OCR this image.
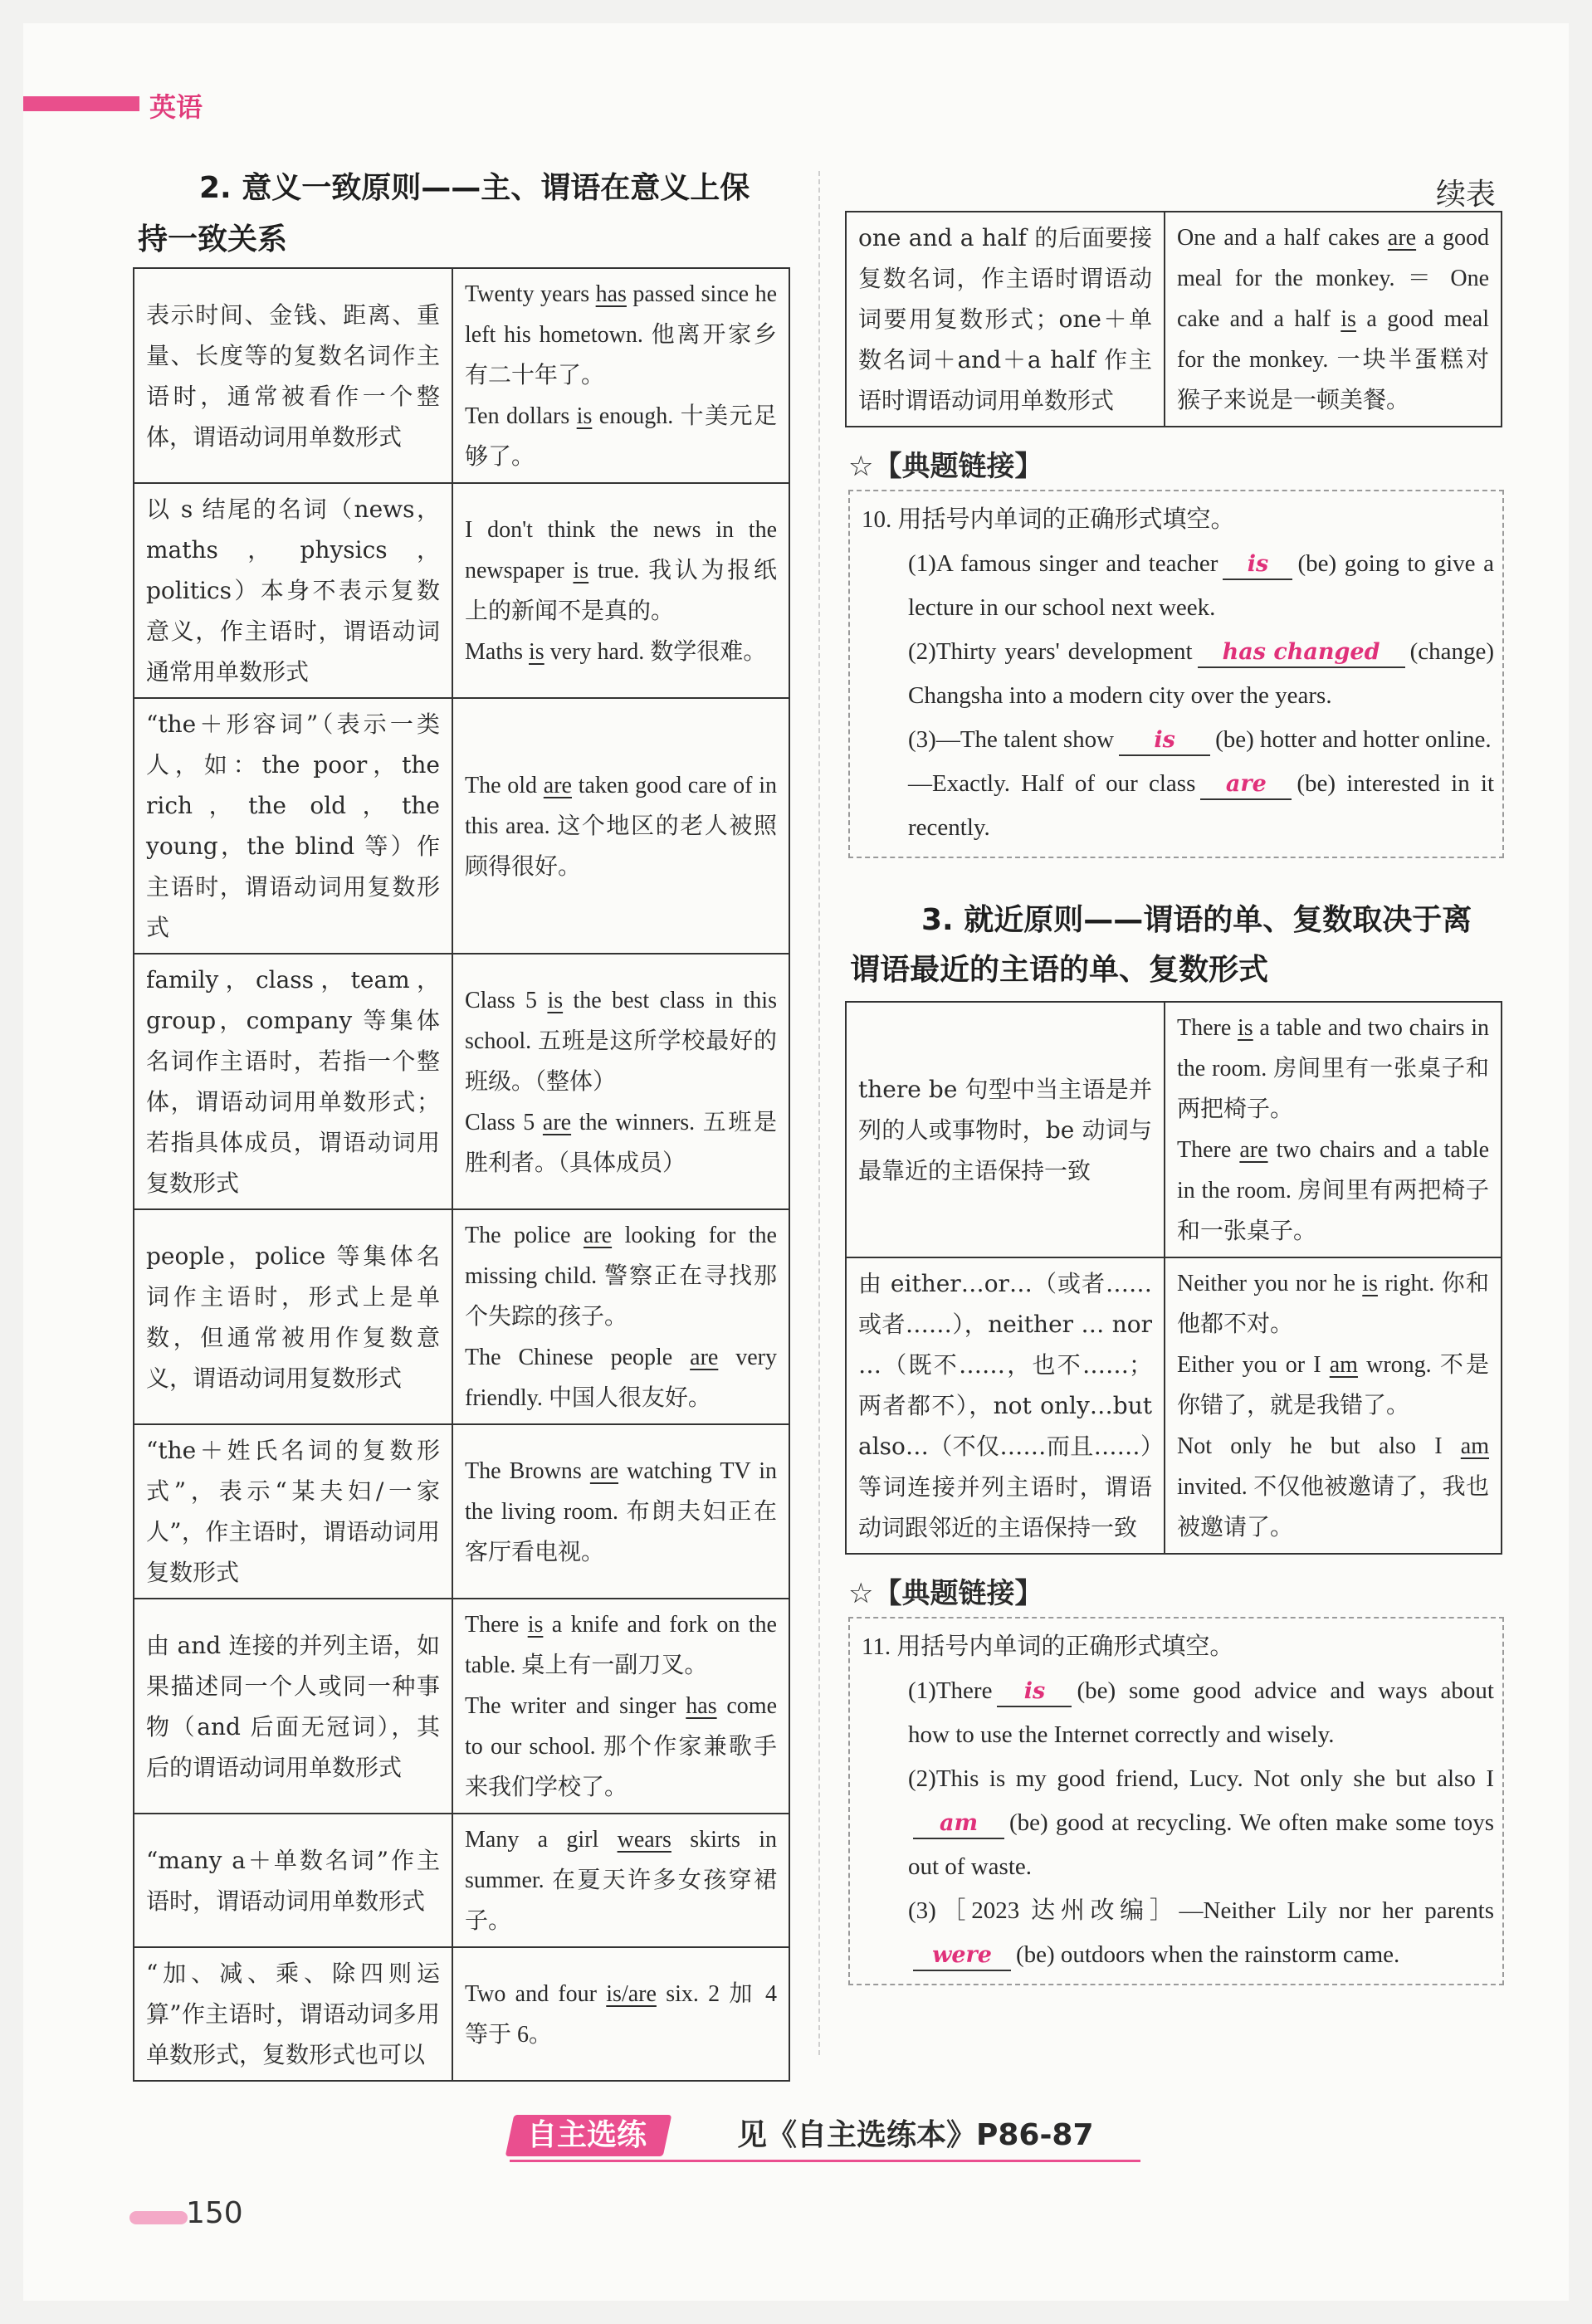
英语
2. 意义一致原则——主、谓语在意义上保
持一致关系
表示时间、金钱、距离、重量、长度等的复数名词作主语时，通常被看作一个整体，谓语动词用单数形式	Twenty years has passed since he left his hometown. 他离开家乡有二十年了。
Ten dollars is enough. 十美元足够了。
以 s 结尾的名词（news，maths，physics，politics）本身不表示复数意义，作主语时，谓语动词通常用单数形式	I don't think the news in the newspaper is true. 我认为报纸上的新闻不是真的。
Maths is very hard. 数学很难。
“the＋形容词”（表示一类人，如：the poor，the rich，the old，the young，the blind 等）作主语时，谓语动词用复数形式	The old are taken good care of in this area. 这个地区的老人被照顾得很好。
family，class，team，group，company 等集体名词作主语时，若指一个整体，谓语动词用单数形式；若指具体成员，谓语动词用复数形式	Class 5 is the best class in this school. 五班是这所学校最好的班级。（整体）
Class 5 are the winners. 五班是胜利者。（具体成员）
people，police 等集体名词作主语时，形式上是单数，但通常被用作复数意义，谓语动词用复数形式	The police are looking for the missing child. 警察正在寻找那个失踪的孩子。
The Chinese people are very friendly. 中国人很友好。
“the＋姓氏名词的复数形式”，表示“某夫妇/一家人”，作主语时，谓语动词用复数形式	The Browns are watching TV in the living room. 布朗夫妇正在客厅看电视。
由 and 连接的并列主语，如果描述同一个人或同一种事物（and 后面无冠词），其后的谓语动词用单数形式	There is a knife and fork on the table. 桌上有一副刀叉。
The writer and singer has come to our school. 那个作家兼歌手来我们学校了。
“many a＋单数名词”作主语时，谓语动词用单数形式	Many a girl wears skirts in summer. 在夏天许多女孩穿裙子。
“加、减、乘、除四则运算”作主语时，谓语动词多用单数形式，复数形式也可以	Two and four is/are six. 2 加 4 等于 6。
续表
one and a half 的后面要接复数名词，作主语时谓语动词要用复数形式；one＋单数名词＋and＋a half 作主语时谓语动词用单数形式	One and a half cakes are a good meal for the monkey. ＝ One cake and a half is a good meal for the monkey. 一块半蛋糕对猴子来说是一顿美餐。
☆【典题链接】

10. 用括号内单词的正确形式填空。

(1)A famous singer and teacher is (be) going to give a lecture in our school next week.

(2)Thirty years' development has changed (change) Changsha into a modern city over the years.

(3)—The talent show is (be) hotter and hotter online.

—Exactly. Half of our class are (be) interested in it recently.

3. 就近原则——谓语的单、复数取决于离
谓语最近的主语的单、复数形式
there be 句型中当主语是并列的人或事物时，be 动词与最靠近的主语保持一致	There is a table and two chairs in the room. 房间里有一张桌子和两把椅子。
There are two chairs and a table in the room. 房间里有两把椅子和一张桌子。
由 either…or…（或者……或者……），neither … nor …（既不……，也不……；两者都不），not only…but also…（不仅……而且……）等词连接并列主语时，谓语动词跟邻近的主语保持一致	Neither you nor he is right. 你和他都不对。
Either you or I am wrong. 不是你错了，就是我错了。
Not only he but also I am invited. 不仅他被邀请了，我也被邀请了。
☆【典题链接】

11. 用括号内单词的正确形式填空。

(1)There is (be) some good advice and ways about how to use the Internet correctly and wisely.

(2)This is my good friend, Lucy. Not only she but also Iam (be) good at recycling. We often make some toys out of waste.

(3)［2023 达州改编］—Neither Lily nor her parentswere (be) outdoors when the rainstorm came.

自主选练	见《自主选练本》P86-87
150
